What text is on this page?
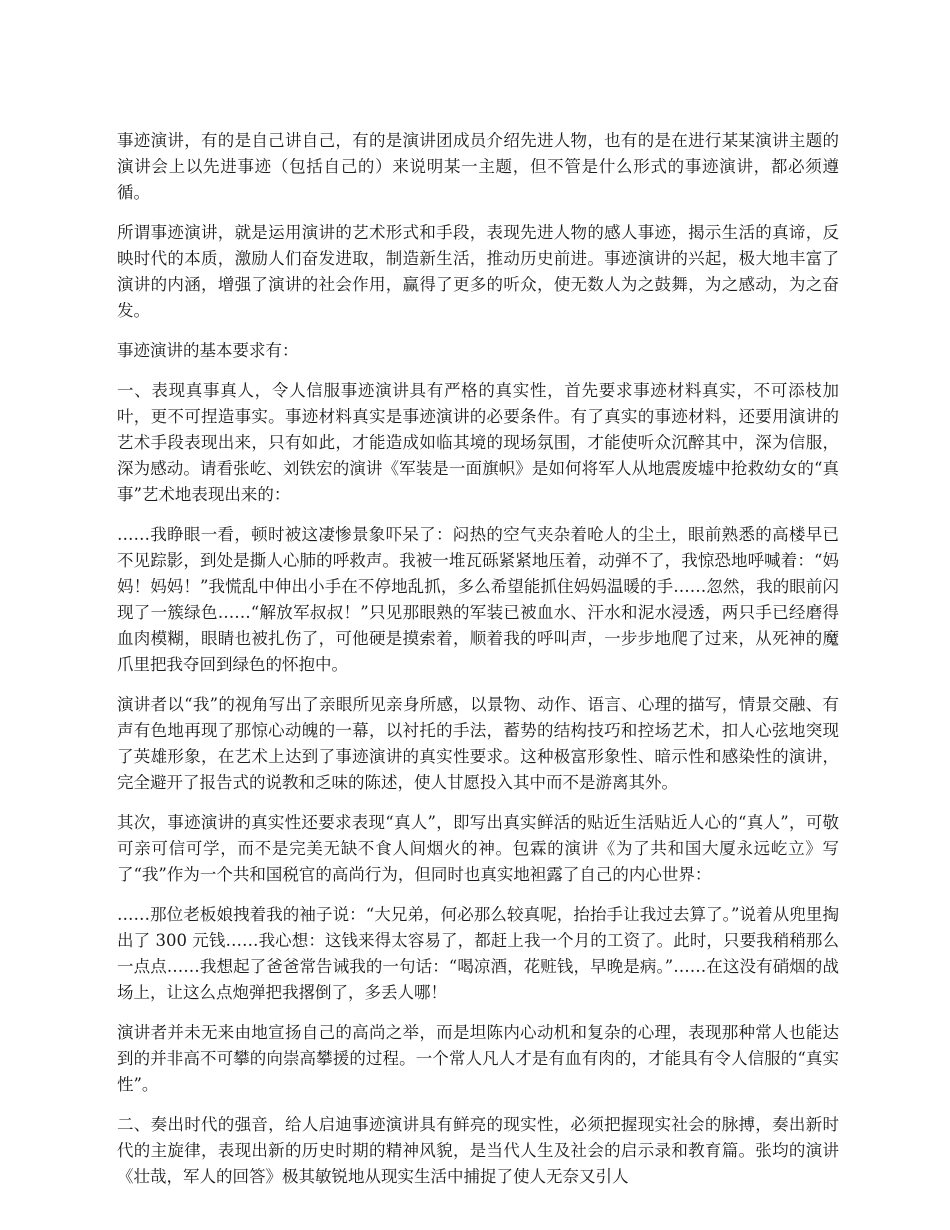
事迹演讲，有的是自己讲自己，有的是演讲团成员介绍先进人物，也有的是在进行某某演讲主题的演讲会上以先进事迹（包括自己的）来说明某一主题，但不管是什么形式的事迹演讲，都必须遵循。

所谓事迹演讲，就是运用演讲的艺术形式和手段，表现先进人物的感人事迹，揭示生活的真谛，反映时代的本质，激励人们奋发进取，制造新生活，推动历史前进。事迹演讲的兴起，极大地丰富了演讲的内涵，增强了演讲的社会作用，赢得了更多的听众，使无数人为之鼓舞，为之感动，为之奋发。

事迹演讲的基本要求有：

一、表现真事真人，令人信服事迹演讲具有严格的真实性，首先要求事迹材料真实，不可添枝加叶，更不可捏造事实。事迹材料真实是事迹演讲的必要条件。有了真实的事迹材料，还要用演讲的艺术手段表现出来，只有如此，才能造成如临其境的现场氛围，才能使听众沉醉其中，深为信服，深为感动。请看张屹、刘铁宏的演讲《军装是一面旗帜》是如何将军人从地震废墟中抢救幼女的“真事”艺术地表现出来的：

……我睁眼一看，顿时被这凄惨景象吓呆了：闷热的空气夹杂着呛人的尘土，眼前熟悉的高楼早已不见踪影，到处是撕人心肺的呼救声。我被一堆瓦砾紧紧地压着，动弹不了，我惊恐地呼喊着：“妈妈！妈妈！”我慌乱中伸出小手在不停地乱抓，多么希望能抓住妈妈温暖的手……忽然，我的眼前闪现了一簇绿色……“解放军叔叔！”只见那眼熟的军装已被血水、汗水和泥水浸透，两只手已经磨得血肉模糊，眼睛也被扎伤了，可他硬是摸索着，顺着我的呼叫声，一步步地爬了过来，从死神的魔爪里把我夺回到绿色的怀抱中。

演讲者以“我”的视角写出了亲眼所见亲身所感，以景物、动作、语言、心理的描写，情景交融、有声有色地再现了那惊心动魄的一幕，以衬托的手法，蓄势的结构技巧和控场艺术，扣人心弦地突现了英雄形象，在艺术上达到了事迹演讲的真实性要求。这种极富形象性、暗示性和感染性的演讲，完全避开了报告式的说教和乏味的陈述，使人甘愿投入其中而不是游离其外。

其次，事迹演讲的真实性还要求表现“真人”，即写出真实鲜活的贴近生活贴近人心的“真人”，可敬可亲可信可学，而不是完美无缺不食人间烟火的神。包霖的演讲《为了共和国大厦永远屹立》写了“我”作为一个共和国税官的高尚行为，但同时也真实地袒露了自己的内心世界：

……那位老板娘拽着我的袖子说：“大兄弟，何必那么较真呢，抬抬手让我过去算了。”说着从兜里掏出了 300 元钱……我心想：这钱来得太容易了，都赶上我一个月的工资了。此时，只要我稍稍那么一点点……我想起了爸爸常告诫我的一句话：“喝凉酒，花赃钱，早晚是病。”……在这没有硝烟的战场上，让这么点炮弹把我撂倒了，多丢人哪！

演讲者并未无来由地宣扬自己的高尚之举，而是坦陈内心动机和复杂的心理，表现那种常人也能达到的并非高不可攀的向崇高攀援的过程。一个常人凡人才是有血有肉的，才能具有令人信服的“真实性”。

二、奏出时代的强音，给人启迪事迹演讲具有鲜亮的现实性，必须把握现实社会的脉搏，奏出新时代的主旋律，表现出新的历史时期的精神风貌，是当代人生及社会的启示录和教育篇。张均的演讲《壮哉，军人的回答》极其敏锐地从现实生活中捕捉了使人无奈又引人
